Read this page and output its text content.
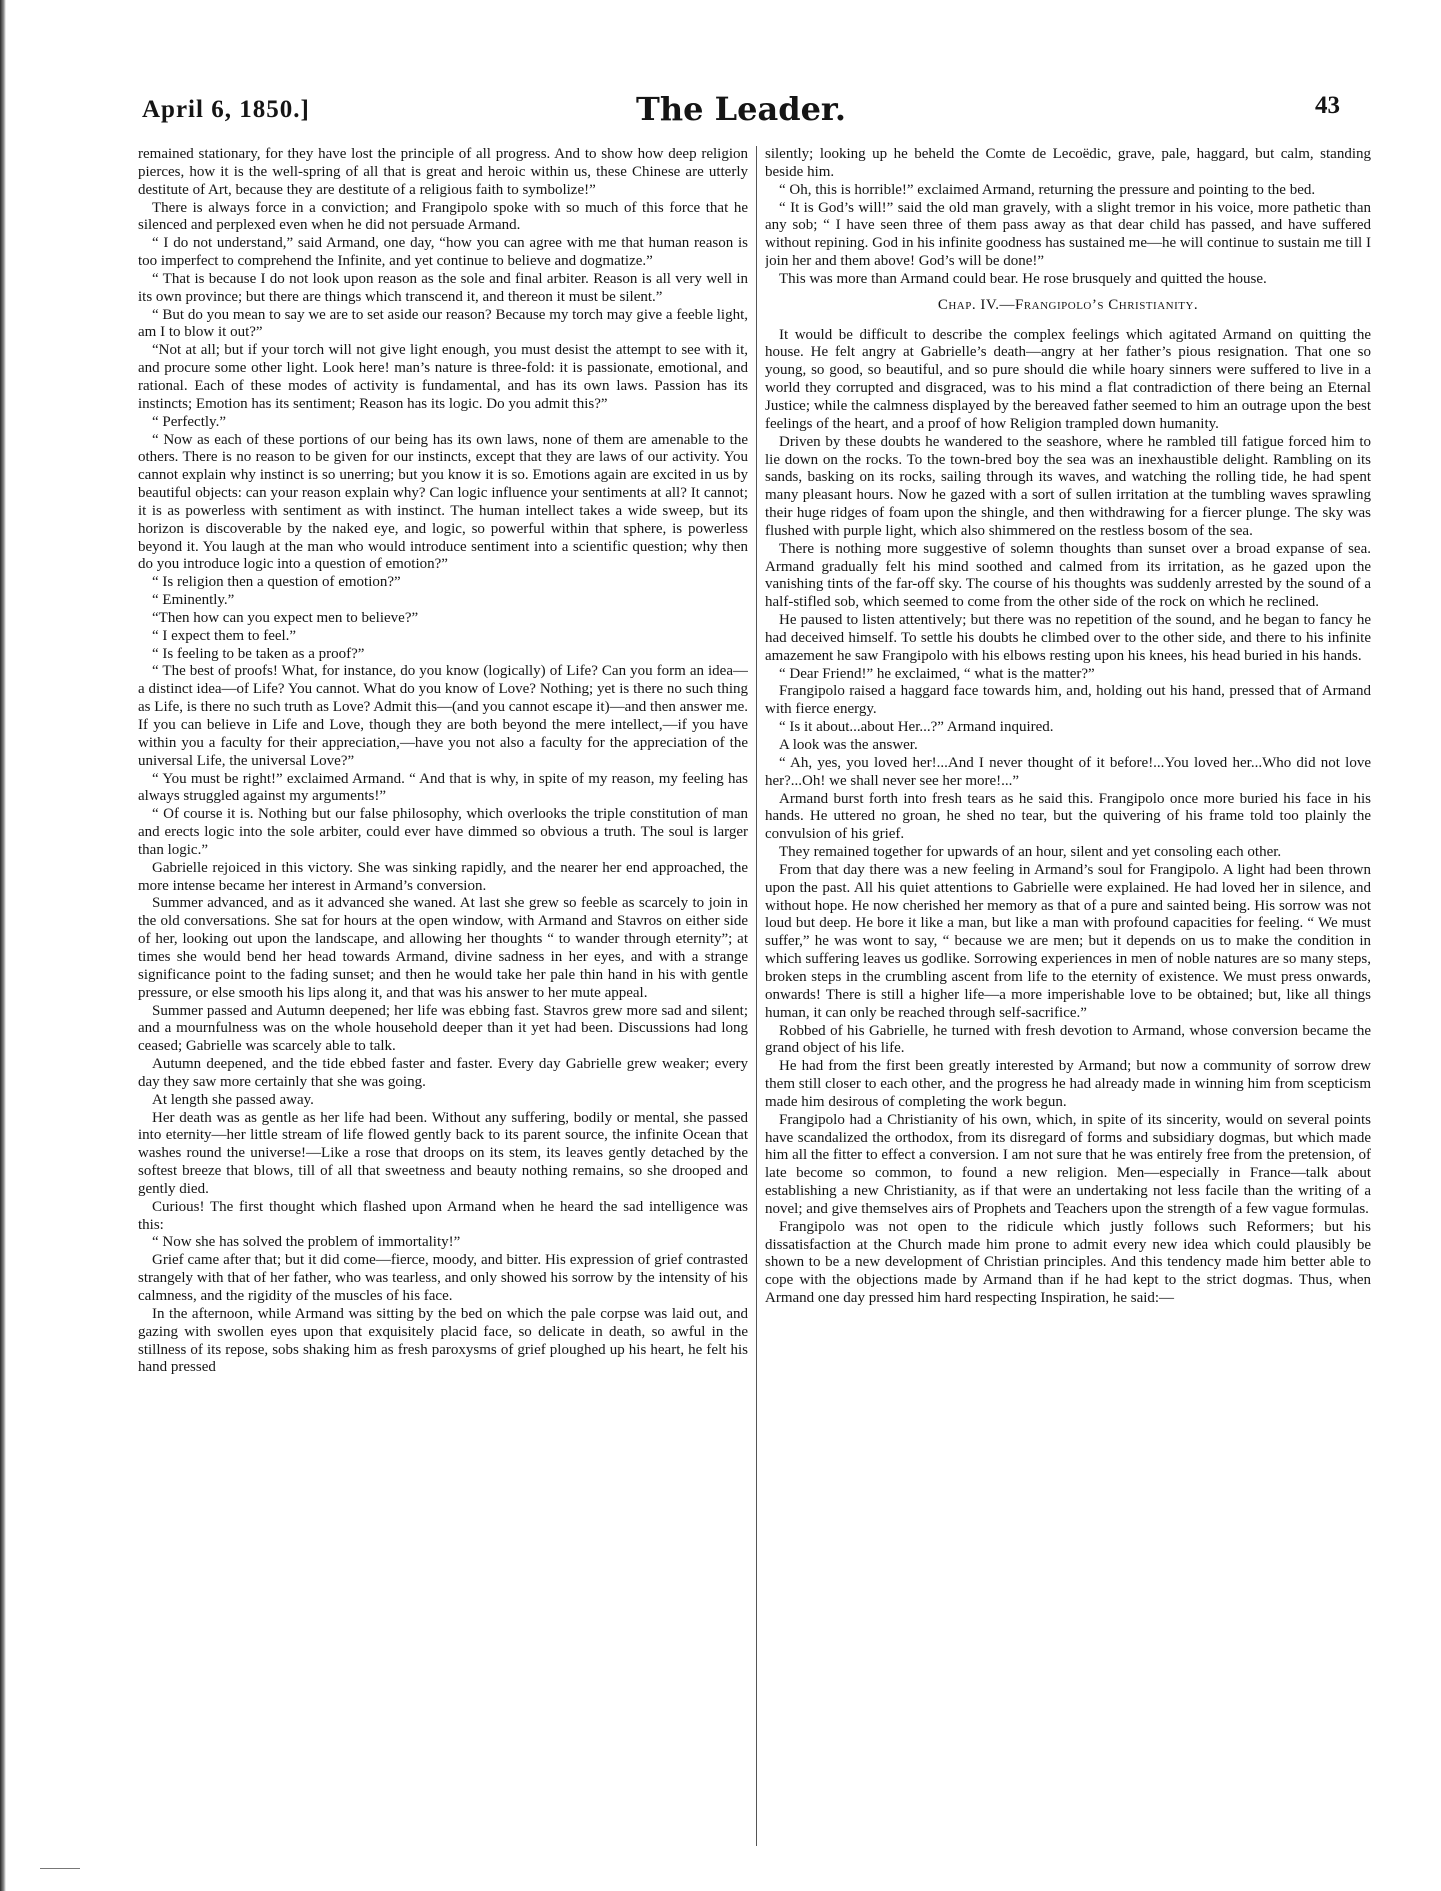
April 6, 1850.]	The Leader.	43

remained stationary, for they have lost the principle of all progress. And to show how deep religion pierces, how it is the well-spring of all that is great and heroic within us, these Chinese are utterly destitute of Art, because they are destitute of a religious faith to symbolize!”

There is always force in a conviction; and Frangipolo spoke with so much of this force that he silenced and perplexed even when he did not persuade Armand.

“ I do not understand,” said Armand, one day, “how you can agree with me that human reason is too imperfect to comprehend the Infinite, and yet continue to believe and dogmatize.”

“ That is because I do not look upon reason as the sole and final arbiter. Reason is all very well in its own province; but there are things which transcend it, and thereon it must be silent.”

“ But do you mean to say we are to set aside our reason? Because my torch may give a feeble light, am I to blow it out?”

“Not at all; but if your torch will not give light enough, you must desist the attempt to see with it, and procure some other light. Look here! man’s nature is three-fold: it is passionate, emotional, and rational. Each of these modes of activity is fundamental, and has its own laws. Passion has its instincts; Emotion has its sentiment; Reason has its logic. Do you admit this?”

“ Perfectly.”

“ Now as each of these portions of our being has its own laws, none of them are amenable to the others. There is no reason to be given for our instincts, except that they are laws of our activity. You cannot explain why instinct is so unerring; but you know it is so. Emotions again are excited in us by beautiful objects: can your reason explain why? Can logic influence your sentiments at all? It cannot; it is as powerless with sentiment as with instinct. The human intellect takes a wide sweep, but its horizon is discoverable by the naked eye, and logic, so powerful within that sphere, is powerless beyond it. You laugh at the man who would introduce sentiment into a scientific question; why then do you introduce logic into a question of emotion?”

“ Is religion then a question of emotion?”

“ Eminently.”

“Then how can you expect men to believe?”

“ I expect them to feel.”

“ Is feeling to be taken as a proof?”

“ The best of proofs! What, for instance, do you know (logically) of Life? Can you form an idea—a distinct idea—of Life? You cannot. What do you know of Love? Nothing; yet is there no such thing as Life, is there no such truth as Love? Admit this—(and you cannot escape it)—and then answer me. If you can believe in Life and Love, though they are both beyond the mere intellect,—if you have within you a faculty for their appreciation,—have you not also a faculty for the appreciation of the universal Life, the universal Love?”

“ You must be right!” exclaimed Armand. “ And that is why, in spite of my reason, my feeling has always struggled against my arguments!”

“ Of course it is. Nothing but our false philosophy, which overlooks the triple constitution of man and erects logic into the sole arbiter, could ever have dimmed so obvious a truth. The soul is larger than logic.”

Gabrielle rejoiced in this victory. She was sinking rapidly, and the nearer her end approached, the more intense became her interest in Armand’s conversion.

Summer advanced, and as it advanced she waned. At last she grew so feeble as scarcely to join in the old conversations. She sat for hours at the open window, with Armand and Stavros on either side of her, looking out upon the landscape, and allowing her thoughts “ to wander through eternity”; at times she would bend her head towards Armand, divine sadness in her eyes, and with a strange significance point to the fading sunset; and then he would take her pale thin hand in his with gentle pressure, or else smooth his lips along it, and that was his answer to her mute appeal.

Summer passed and Autumn deepened; her life was ebbing fast. Stavros grew more sad and silent; and a mournfulness was on the whole household deeper than it yet had been. Discussions had long ceased; Gabrielle was scarcely able to talk.

Autumn deepened, and the tide ebbed faster and faster. Every day Gabrielle grew weaker; every day they saw more certainly that she was going.

At length she passed away.

Her death was as gentle as her life had been. Without any suffering, bodily or mental, she passed into eternity—her little stream of life flowed gently back to its parent source, the infinite Ocean that washes round the universe!—Like a rose that droops on its stem, its leaves gently detached by the softest breeze that blows, till of all that sweetness and beauty nothing remains, so she drooped and gently died.

Curious! The first thought which flashed upon Armand when he heard the sad intelligence was this:

“ Now she has solved the problem of immortality!”

Grief came after that; but it did come—fierce, moody, and bitter. His expression of grief contrasted strangely with that of her father, who was tearless, and only showed his sorrow by the intensity of his calmness, and the rigidity of the muscles of his face.

In the afternoon, while Armand was sitting by the bed on which the pale corpse was laid out, and gazing with swollen eyes upon that exquisitely placid face, so delicate in death, so awful in the stillness of its repose, sobs shaking him as fresh paroxysms of grief ploughed up his heart, he felt his hand pressed

silently; looking up he beheld the Comte de Lecoëdic, grave, pale, haggard, but calm, standing beside him.

“ Oh, this is horrible!” exclaimed Armand, returning the pressure and pointing to the bed.

“ It is God’s will!” said the old man gravely, with a slight tremor in his voice, more pathetic than any sob; “ I have seen three of them pass away as that dear child has passed, and have suffered without repining. God in his infinite goodness has sustained me—he will continue to sustain me till I join her and them above! God’s will be done!”

This was more than Armand could bear. He rose brusquely and quitted the house.

Chap. IV.—Frangipolo’s Christianity.

It would be difficult to describe the complex feelings which agitated Armand on quitting the house. He felt angry at Gabrielle’s death—angry at her father’s pious resignation. That one so young, so good, so beautiful, and so pure should die while hoary sinners were suffered to live in a world they corrupted and disgraced, was to his mind a flat contradiction of there being an Eternal Justice; while the calmness displayed by the bereaved father seemed to him an outrage upon the best feelings of the heart, and a proof of how Religion trampled down humanity.

Driven by these doubts he wandered to the seashore, where he rambled till fatigue forced him to lie down on the rocks. To the town-bred boy the sea was an inexhaustible delight. Rambling on its sands, basking on its rocks, sailing through its waves, and watching the rolling tide, he had spent many pleasant hours. Now he gazed with a sort of sullen irritation at the tumbling waves sprawling their huge ridges of foam upon the shingle, and then withdrawing for a fiercer plunge. The sky was flushed with purple light, which also shimmered on the restless bosom of the sea.

There is nothing more suggestive of solemn thoughts than sunset over a broad expanse of sea. Armand gradually felt his mind soothed and calmed from its irritation, as he gazed upon the vanishing tints of the far-off sky. The course of his thoughts was suddenly arrested by the sound of a half-stifled sob, which seemed to come from the other side of the rock on which he reclined.

He paused to listen attentively; but there was no repetition of the sound, and he began to fancy he had deceived himself. To settle his doubts he climbed over to the other side, and there to his infinite amazement he saw Frangipolo with his elbows resting upon his knees, his head buried in his hands.

“ Dear Friend!” he exclaimed, “ what is the matter?”

Frangipolo raised a haggard face towards him, and, holding out his hand, pressed that of Armand with fierce energy.

“ Is it about...about Her...?” Armand inquired.

A look was the answer.

“ Ah, yes, you loved her!...And I never thought of it before!...You loved her...Who did not love her?...Oh! we shall never see her more!...”

Armand burst forth into fresh tears as he said this. Frangipolo once more buried his face in his hands. He uttered no groan, he shed no tear, but the quivering of his frame told too plainly the convulsion of his grief.

They remained together for upwards of an hour, silent and yet consoling each other.

From that day there was a new feeling in Armand’s soul for Frangipolo. A light had been thrown upon the past. All his quiet attentions to Gabrielle were explained. He had loved her in silence, and without hope. He now cherished her memory as that of a pure and sainted being. His sorrow was not loud but deep. He bore it like a man, but like a man with profound capacities for feeling. “ We must suffer,” he was wont to say, “ because we are men; but it depends on us to make the condition in which suffering leaves us godlike. Sorrowing experiences in men of noble natures are so many steps, broken steps in the crumbling ascent from life to the eternity of existence. We must press onwards, onwards! There is still a higher life—a more imperishable love to be obtained; but, like all things human, it can only be reached through self-sacrifice.”

Robbed of his Gabrielle, he turned with fresh devotion to Armand, whose conversion became the grand object of his life.

He had from the first been greatly interested by Armand; but now a community of sorrow drew them still closer to each other, and the progress he had already made in winning him from scepticism made him desirous of completing the work begun.

Frangipolo had a Christianity of his own, which, in spite of its sincerity, would on several points have scandalized the orthodox, from its disregard of forms and subsidiary dogmas, but which made him all the fitter to effect a conversion. I am not sure that he was entirely free from the pretension, of late become so common, to found a new religion. Men—especially in France—talk about establishing a new Christianity, as if that were an undertaking not less facile than the writing of a novel; and give themselves airs of Prophets and Teachers upon the strength of a few vague formulas.

Frangipolo was not open to the ridicule which justly follows such Reformers; but his dissatisfaction at the Church made him prone to admit every new idea which could plausibly be shown to be a new development of Christian principles. And this tendency made him better able to cope with the objections made by Armand than if he had kept to the strict dogmas. Thus, when Armand one day pressed him hard respecting Inspiration, he said:—
